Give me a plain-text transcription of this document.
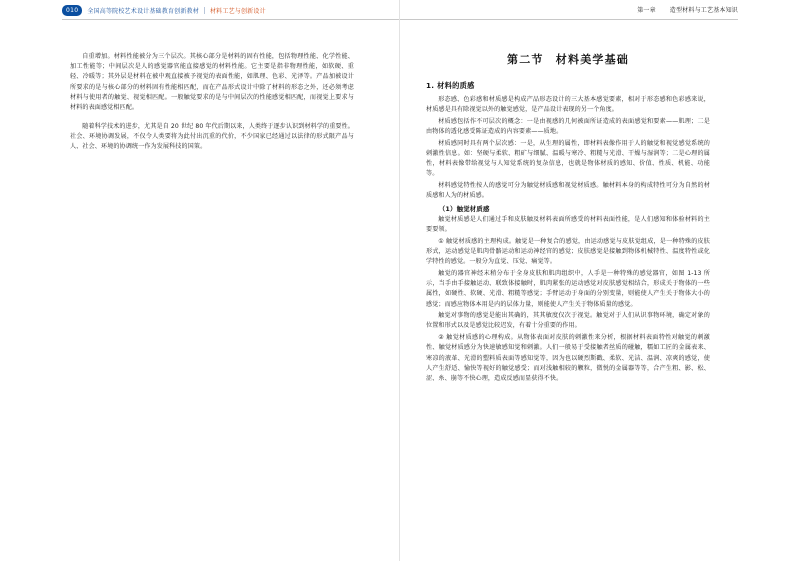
010	全国高等院校艺术设计基础教育创新教材 材料工艺与创新设计	第一章 造型材料与工艺基本知识

自重增加。材料性能被分为三个层次。其核心部分是材料的固有性能，包括物理性能、化学性能、加工性能等；中间层次是人的感觉器官能直接感觉的材料性能。它主要是指非物理性能，如软硬、重轻、冷暖等；其外层是材料在被中观直接被予视觉的表面性能，如肌理、色彩、光泽等。产品加被设计所要求的是与核心部分的材料固有性能相匹配，而在产品形式设计中除了材料的形态之外，还必须考虑材料与使用者的触觉、视觉相匹配。一般触觉要求的是与中间层次的性能感觉相匹配，而视觉上要求与材料的表面感觉相匹配。

随着科学技术的进步，尤其是自 20 世纪 80 年代后期以来，人类终于逐步认识到材料学的重要性。社会、环境协调发展，不仅令人类要将为此付出沉重的代价，不少国家已经通过以法律的形式限产品与人、社会、环境的协调统一作为发展科技的国策。

第二节　材料美学基础
1. 材料的质感

形态感、色彩感和材质感是构成产品形态设计的三大基本感觉要素，相对于形态感和色彩感来说，材质感是具有除视觉以外的触觉感觉，是产品设计表现的另一个角度。

材质感包括作不可层次的概念：一是由视感的几何被面所证造成的表面感觉和要素——肌理；二是由物体的透化感受陈证造成的内容要素——质地。

材质感同时具有两个层次感：一是，从生理的属性，即材料表像作用于人的触觉和视觉感觉系统的刺激性信息。如：坚硬与柔软、粗矿与细腻、温暖与寒冷、粗糙与光滑、干燥与湿润等；二是心理的属性，材料表像带给视觉与人知觉系统的复杂信息，也就是物体材质的感知、价值、性质、机能、功能等。

材料感觉特性按人的感觉可分为触觉材质感和视觉材质感。触材料本身的构成特性可分为自然的材质感和人为的材质感。

（1）触觉材质感

触觉材质感是人们通过手和皮肤触及材料表面所感受的材料表面性能，是人们感知和体验材料的主要要领。

① 触觉材质感的主理构成。触觉是一种复合的感觉，由运动感觉与皮肤觉组成，是一种特殊的皮肤形式，运动感觉是肌肉骨骼运动和运动神经官的感觉；皮肤感觉是接触到物体机械特性、温度特性或化学特性的感觉。一般分为直觉、压觉、痛觉等。

触觉的器官神经末稍分布于全身皮肤和肌肉组织中，人手是一种特殊的感觉器官，如图 1-13 所示，当手由手接触运动、联致体接触时，肌肉紧张的运动感觉对皮肤感觉相结合，形成关于物体的一些属性，如硬性、软硬、光滑、粗糙等感觉；手臂运动于身面的分别变量，则能使人产生关于物体大小的感觉；而感应物体本用是内的层体力量，则能使人产生关于物体质量的感觉。

触觉对事物的感觉是能出其确的，其其敏度仅次于视觉。触觉对于人们从识事物环境，确定对象的位置和形式以及是感觉比较迟发，有着十分重要的作用。

② 触觉材质感的心理构成。从物体表面对皮肤的刺激性来分析，根据材料表面特性对触觉的刺激性、触觉材质感分为快速敏感知觉和刺激。人们一般易于受接触者丝质的碰触，糯如工匠的金属表来、寒凉的液革、光滑的塑料质表面等感知觉等，因为也以硬烈斯戳、柔软、光洁、温润、凉爽的感觉，使人产生舒适、愉快等视好的触觉感受；而对浅触相较的颗粒，微悦的金属器等等，合产生粗、影、松、涩、糸、崩等不快心理，造成反感而显获得不快。
